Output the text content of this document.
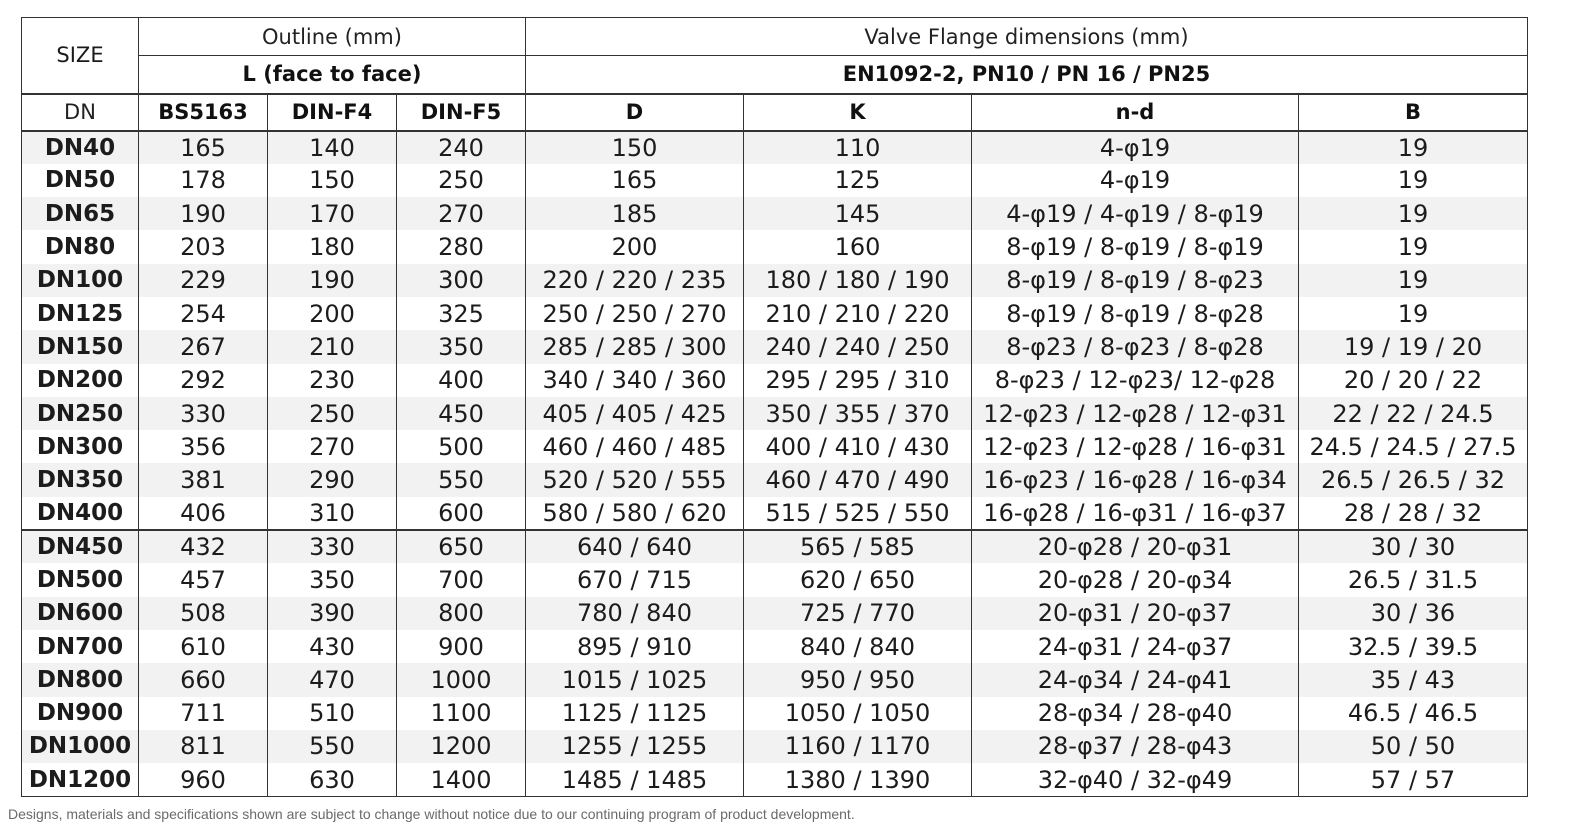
SIZE	Outline (mm)			Valve Flange dimensions (mm)			
	L (face to face)			EN1092-2, PN10 / PN 16 / PN25			
DN	BS5163	DIN-F4	DIN-F5	D	K	n-d	B
DN40	165	140	240	150	110	4-φ19	19
DN50	178	150	250	165	125	4-φ19	19
DN65	190	170	270	185	145	4-φ19 / 4-φ19 / 8-φ19	19
DN80	203	180	280	200	160	8-φ19 / 8-φ19 / 8-φ19	19
DN100	229	190	300	220 / 220 / 235	180 / 180 / 190	8-φ19 / 8-φ19 / 8-φ23	19
DN125	254	200	325	250 / 250 / 270	210 / 210 / 220	8-φ19 / 8-φ19 / 8-φ28	19
DN150	267	210	350	285 / 285 / 300	240 / 240 / 250	8-φ23 / 8-φ23 / 8-φ28	19 / 19 / 20
DN200	292	230	400	340 / 340 / 360	295 / 295 / 310	8-φ23 / 12-φ23/ 12-φ28	20 / 20 / 22
DN250	330	250	450	405 / 405 / 425	350 / 355 / 370	12-φ23 / 12-φ28 / 12-φ31	22 / 22 / 24.5
DN300	356	270	500	460 / 460 / 485	400 / 410 / 430	12-φ23 / 12-φ28 / 16-φ31	24.5 / 24.5 / 27.5
DN350	381	290	550	520 / 520 / 555	460 / 470 / 490	16-φ23 / 16-φ28 / 16-φ34	26.5 / 26.5 / 32
DN400	406	310	600	580 / 580 / 620	515 / 525 / 550	16-φ28 / 16-φ31 / 16-φ37	28 / 28 / 32
DN450	432	330	650	640 / 640	565 / 585	20-φ28 / 20-φ31	30 / 30
DN500	457	350	700	670 / 715	620 / 650	20-φ28 / 20-φ34	26.5 / 31.5
DN600	508	390	800	780 / 840	725 / 770	20-φ31 / 20-φ37	30 / 36
DN700	610	430	900	895 / 910	840 / 840	24-φ31 / 24-φ37	32.5 / 39.5
DN800	660	470	1000	1015 / 1025	950 / 950	24-φ34 / 24-φ41	35 / 43
DN900	711	510	1100	1125 / 1125	1050 / 1050	28-φ34 / 28-φ40	46.5 / 46.5
DN1000	811	550	1200	1255 / 1255	1160 / 1170	28-φ37 / 28-φ43	50 / 50
DN1200	960	630	1400	1485 / 1485	1380 / 1390	32-φ40 / 32-φ49	57 / 57
Designs, materials and specifications shown are subject to change without notice due to our continuing program of product development.
